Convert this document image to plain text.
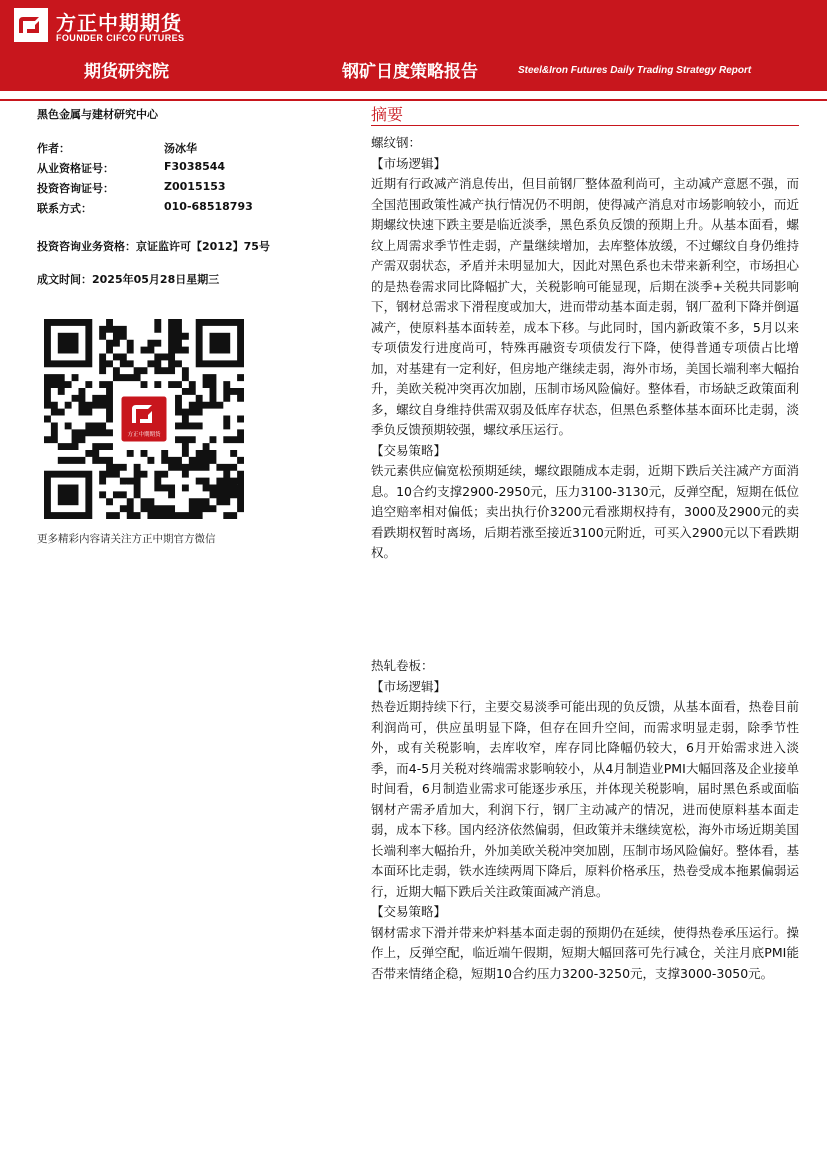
方正中期期货
FOUNDER CIFCO FUTURES
期货研究院	钢矿日度策略报告	Steel&Iron Futures Daily Trading Strategy Report
黑色金属与建材研究中心
作者：	汤冰华
从业资格证号：	F3038544
投资咨询证号：	Z0015153
联系方式：	010-68518793
投资咨询业务资格：京证监许可【2012】75号
成文时间：2025年05月28日星期三
方正中期期货
更多精彩内容请关注方正中期官方微信
摘要
螺纹钢：
【市场逻辑】

近期有行政减产消息传出，但目前钢厂整体盈利尚可，主动减产意愿不强，而全国范围政策性减产执行情况仍不明朗，使得减产消息对市场影响较小，而近期螺纹快速下跌主要是临近淡季，黑色系负反馈的预期上升。从基本面看，螺纹上周需求季节性走弱，产量继续增加，去库整体放缓，不过螺纹自身仍维持产需双弱状态，矛盾并未明显加大，因此对黑色系也未带来新利空，市场担心的是热卷需求同比降幅扩大，关税影响可能显现，后期在淡季+关税共同影响下，钢材总需求下滑程度或加大，进而带动基本面走弱，钢厂盈利下降并倒逼减产，使原料基本面转差，成本下移。与此同时，国内新政策不多，5月以来专项债发行进度尚可，特殊再融资专项债发行下降，使得普通专项债占比增加，对基建有一定利好，但房地产继续走弱，海外市场，美国长端利率大幅抬升，美欧关税冲突再次加剧，压制市场风险偏好。整体看，市场缺乏政策面利多，螺纹自身维持供需双弱及低库存状态，但黑色系整体基本面环比走弱，淡季负反馈预期较强，螺纹承压运行。

【交易策略】

铁元素供应偏宽松预期延续，螺纹跟随成本走弱，近期下跌后关注减产方面消息。10合约支撑2900-2950元，压力3100-3130元，反弹空配，短期在低位追空赔率相对偏低；卖出执行价3200元看涨期权持有，3000及2900元的卖看跌期权暂时离场，后期若涨至接近3100元附近，可买入2900元以下看跌期权。

热轧卷板：
【市场逻辑】

热卷近期持续下行，主要交易淡季可能出现的负反馈，从基本面看，热卷目前利润尚可，供应虽明显下降，但存在回升空间，而需求明显走弱，除季节性外，或有关税影响，去库收窄，库存同比降幅仍较大，6月开始需求进入淡季，而4-5月关税对终端需求影响较小，从4月制造业PMI大幅回落及企业接单时间看，6月制造业需求可能逐步承压，并体现关税影响，届时黑色系或面临钢材产需矛盾加大，利润下行，钢厂主动减产的情况，进而使原料基本面走弱，成本下移。国内经济依然偏弱，但政策并未继续宽松，海外市场近期美国长端利率大幅抬升，外加美欧关税冲突加剧，压制市场风险偏好。整体看，基本面环比走弱，铁水连续两周下降后，原料价格承压，热卷受成本拖累偏弱运行，近期大幅下跌后关注政策面减产消息。

【交易策略】

钢材需求下滑并带来炉料基本面走弱的预期仍在延续，使得热卷承压运行。操作上，反弹空配，临近端午假期，短期大幅回落可先行减仓，关注月底PMI能否带来情绪企稳，短期10合约压力3200-3250元，支撑3000-3050元。
